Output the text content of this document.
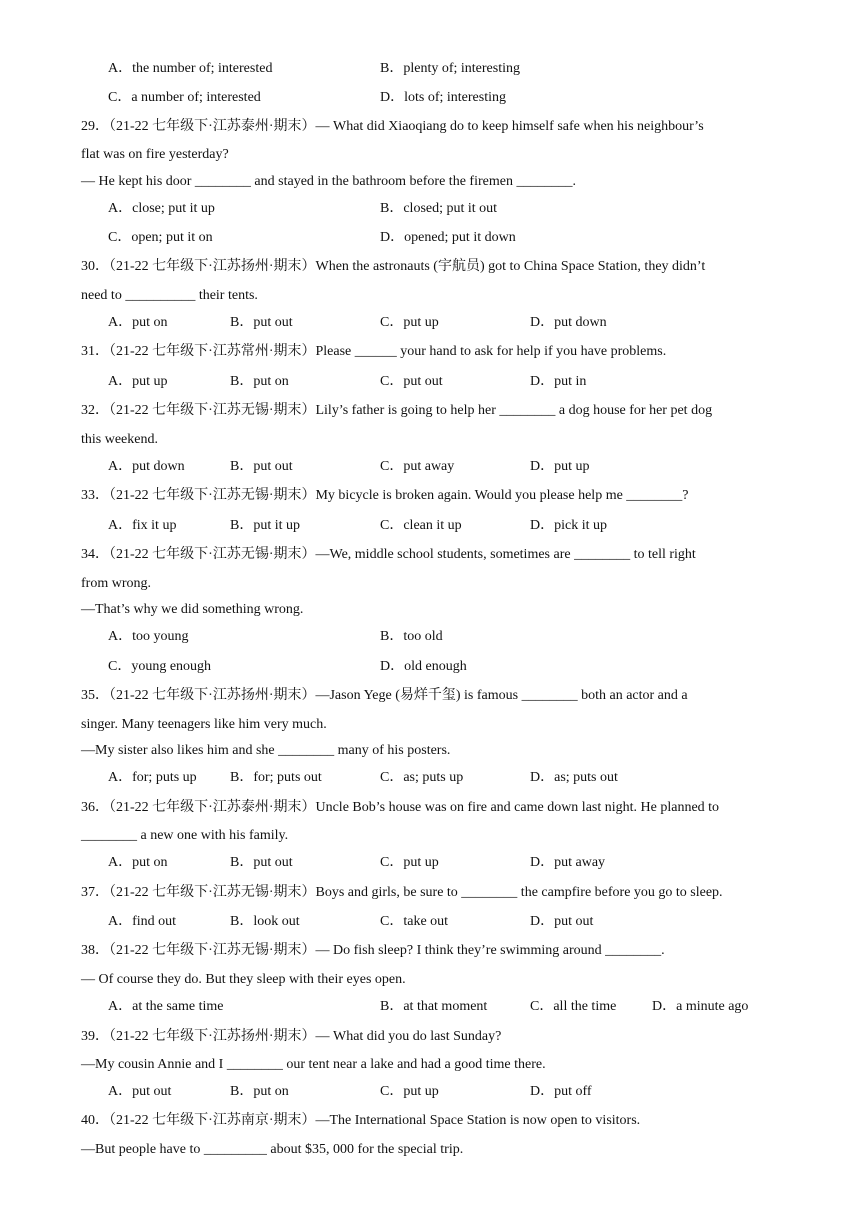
A．the number of; interested	B．plenty of; interesting
C．a number of; interested	D．lots of; interesting
29．（21-22 七年级下·江苏泰州·期末）— What did Xiaoqiang do to keep himself safe when his neighbour’s
flat was on fire yesterday?
— He kept his door ________ and stayed in the bathroom before the firemen ________.
A．close; put it up	B．closed; put it out
C．open; put it on	D．opened; put it down
30．（21-22 七年级下·江苏扬州·期末）When the astronauts (宇航员) got to China Space Station, they didn’t
need to __________ their tents.
A．put on	B．put out	C．put up	D．put down
31．（21-22 七年级下·江苏常州·期末）Please ______ your hand to ask for help if you have problems.
A．put up	B．put on	C．put out	D．put in
32．（21-22 七年级下·江苏无锡·期末）Lily’s father is going to help her ________ a dog house for her pet dog
this weekend.
A．put down	B．put out	C．put away	D．put up
33．（21-22 七年级下·江苏无锡·期末）My bicycle is broken again. Would you please help me ________?
A．fix it up	B．put it up	C．clean it up	D．pick it up
34．（21-22 七年级下·江苏无锡·期末）—We, middle school students, sometimes are ________ to tell right
from wrong.
—That’s why we did something wrong.
A．too young	B．too old
C．young enough	D．old enough
35．（21-22 七年级下·江苏扬州·期末）—Jason Yege (易烊千玺) is famous ________ both an actor and a
singer. Many teenagers like him very much.
—My sister also likes him and she ________ many of his posters.
A．for; puts up B．for; puts out	C．as; puts up	D．as; puts out
36．（21-22 七年级下·江苏泰州·期末）Uncle Bob’s house was on fire and came down last night. He planned to
________ a new one with his family.
A．put on	B．put out	C．put up	D．put away
37．（21-22 七年级下·江苏无锡·期末）Boys and girls, be sure to ________ the campfire before you go to sleep.
A．find out	B．look out	C．take out	D．put out
38．（21-22 七年级下·江苏无锡·期末）— Do fish sleep? I think they’re swimming around ________.
— Of course they do. But they sleep with their eyes open.
A．at the same time	B．at that moment	C．all the time	D．a minute ago
39．（21-22 七年级下·江苏扬州·期末）— What did you do last Sunday?
—My cousin Annie and I ________ our tent near a lake and had a good time there.
A．put out	B．put on	C．put up	D．put off
40．（21-22 七年级下·江苏南京·期末）—The International Space Station is now open to visitors.
—But people have to _________ about $35, 000 for the special trip.
